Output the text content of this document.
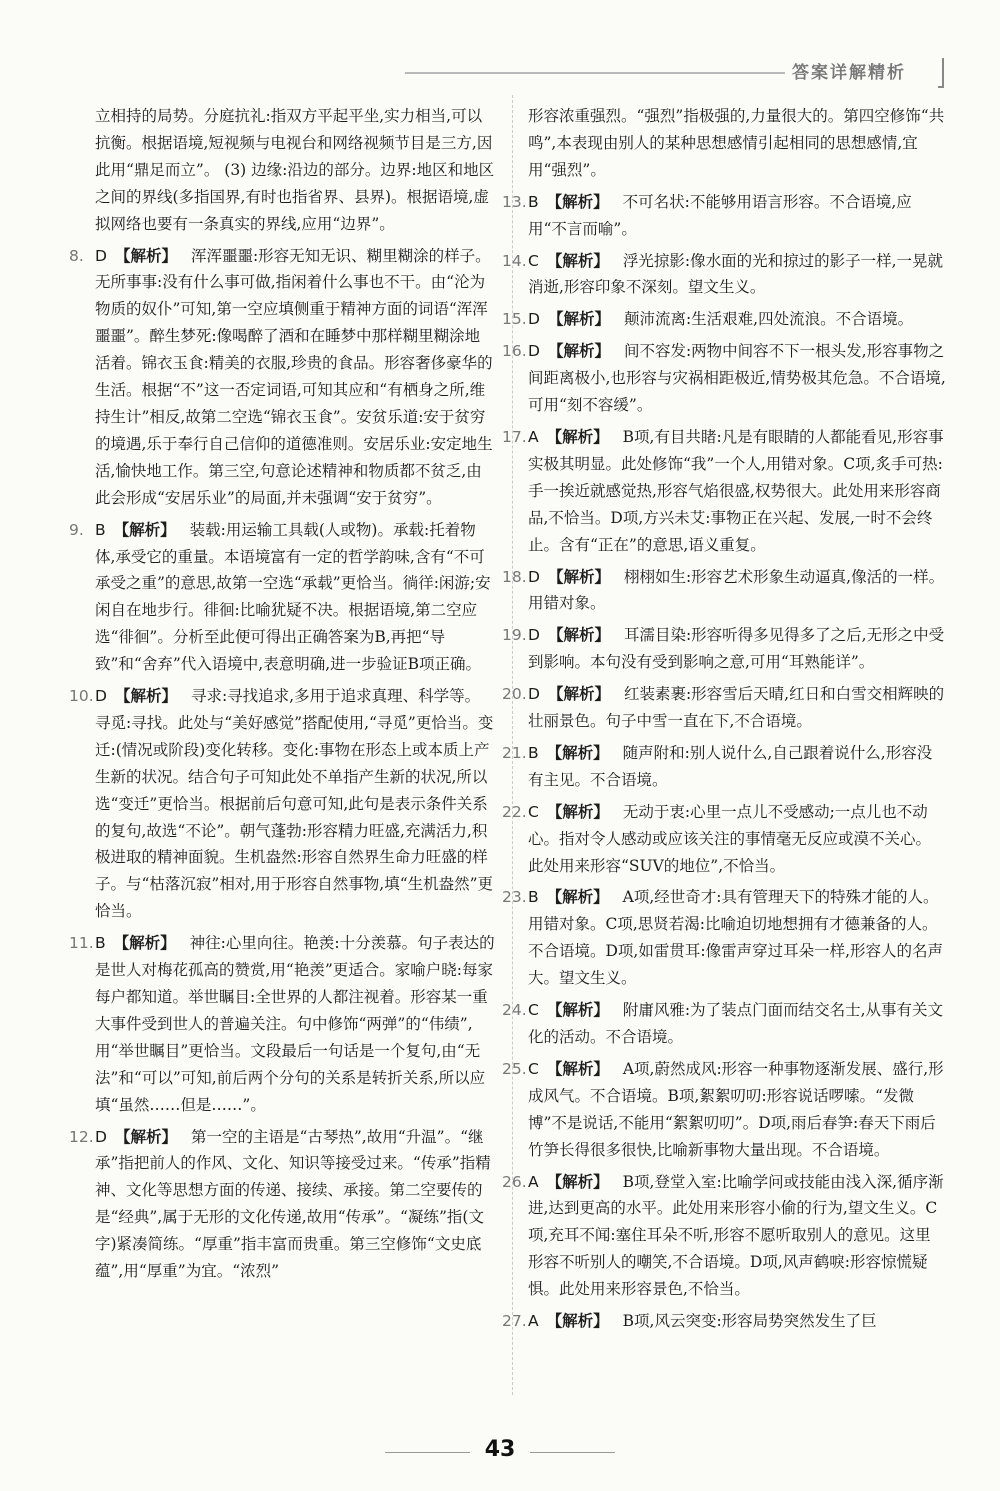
答案详解精析

立相持的局势。分庭抗礼:指双方平起平坐,实力相当,可以抗衡。根据语境,短视频与电视台和网络视频节目是三方,因此用“鼎足而立”。 (3) 边缘:沿边的部分。边界:地区和地区之间的界线(多指国界,有时也指省界、县界)。根据语境,虚拟网络也要有一条真实的界线,应用“边界”。

8. D 【解析】 浑浑噩噩:形容无知无识、糊里糊涂的样子。无所事事:没有什么事可做,指闲着什么事也不干。由“沦为物质的奴仆”可知,第一空应填侧重于精神方面的词语“浑浑噩噩”。醉生梦死:像喝醉了酒和在睡梦中那样糊里糊涂地活着。锦衣玉食:精美的衣服,珍贵的食品。形容奢侈豪华的生活。根据“不”这一否定词语,可知其应和“有栖身之所,维持生计”相反,故第二空选“锦衣玉食”。安贫乐道:安于贫穷的境遇,乐于奉行自己信仰的道德准则。安居乐业:安定地生活,愉快地工作。第三空,句意论述精神和物质都不贫乏,由此会形成“安居乐业”的局面,并未强调“安于贫穷”。

9. B 【解析】 装载:用运输工具载(人或物)。承载:托着物体,承受它的重量。本语境富有一定的哲学韵味,含有“不可承受之重”的意思,故第一空选“承载”更恰当。徜徉:闲游;安闲自在地步行。徘徊:比喻犹疑不决。根据语境,第二空应选“徘徊”。分析至此便可得出正确答案为B,再把“导致”和“舍弃”代入语境中,表意明确,进一步验证B项正确。

10.D 【解析】 寻求:寻找追求,多用于追求真理、科学等。寻觅:寻找。此处与“美好感觉”搭配使用,“寻觅”更恰当。变迁:(情况或阶段)变化转移。变化:事物在形态上或本质上产生新的状况。结合句子可知此处不单指产生新的状况,所以选“变迁”更恰当。根据前后句意可知,此句是表示条件关系的复句,故选“不论”。朝气蓬勃:形容精力旺盛,充满活力,积极进取的精神面貌。生机盎然:形容自然界生命力旺盛的样子。与“枯落沉寂”相对,用于形容自然事物,填“生机盎然”更恰当。

11.B 【解析】 神往:心里向往。艳羡:十分羡慕。句子表达的是世人对梅花孤高的赞赏,用“艳羡”更适合。家喻户晓:每家每户都知道。举世瞩目:全世界的人都注视着。形容某一重大事件受到世人的普遍关注。句中修饰“两弹”的“伟绩”,用“举世瞩目”更恰当。文段最后一句话是一个复句,由“无法”和“可以”可知,前后两个分句的关系是转折关系,所以应填“虽然……但是……”。

12.D 【解析】 第一空的主语是“古琴热”,故用“升温”。“继承”指把前人的作风、文化、知识等接受过来。“传承”指精神、文化等思想方面的传递、接续、承接。第二空要传的是“经典”,属于无形的文化传递,故用“传承”。“凝练”指(文字)紧凑简练。“厚重”指丰富而贵重。第三空修饰“文史底蕴”,用“厚重”为宜。“浓烈”

形容浓重强烈。“强烈”指极强的,力量很大的。第四空修饰“共鸣”,本表现由别人的某种思想感情引起相同的思想感情,宜用“强烈”。

13.B 【解析】 不可名状:不能够用语言形容。不合语境,应用“不言而喻”。

14.C 【解析】 浮光掠影:像水面的光和掠过的影子一样,一晃就消逝,形容印象不深刻。望文生义。

15.D 【解析】 颠沛流离:生活艰难,四处流浪。不合语境。

16.D 【解析】 间不容发:两物中间容不下一根头发,形容事物之间距离极小,也形容与灾祸相距极近,情势极其危急。不合语境,可用“刻不容缓”。

17.A 【解析】 B项,有目共睹:凡是有眼睛的人都能看见,形容事实极其明显。此处修饰“我”一个人,用错对象。C项,炙手可热:手一挨近就感觉热,形容气焰很盛,权势很大。此处用来形容商品,不恰当。D项,方兴未艾:事物正在兴起、发展,一时不会终止。含有“正在”的意思,语义重复。

18.D 【解析】 栩栩如生:形容艺术形象生动逼真,像活的一样。用错对象。

19.D 【解析】 耳濡目染:形容听得多见得多了之后,无形之中受到影响。本句没有受到影响之意,可用“耳熟能详”。

20.D 【解析】 红装素裹:形容雪后天晴,红日和白雪交相辉映的壮丽景色。句子中雪一直在下,不合语境。

21.B 【解析】 随声附和:别人说什么,自己跟着说什么,形容没有主见。不合语境。

22.C 【解析】 无动于衷:心里一点儿不受感动;一点儿也不动心。指对令人感动或应该关注的事情毫无反应或漠不关心。此处用来形容“SUV的地位”,不恰当。

23.B 【解析】 A项,经世奇才:具有管理天下的特殊才能的人。用错对象。C项,思贤若渴:比喻迫切地想拥有才德兼备的人。不合语境。D项,如雷贯耳:像雷声穿过耳朵一样,形容人的名声大。望文生义。

24.C 【解析】 附庸风雅:为了装点门面而结交名士,从事有关文化的活动。不合语境。

25.C 【解析】 A项,蔚然成风:形容一种事物逐渐发展、盛行,形成风气。不合语境。B项,絮絮叨叨:形容说话啰嗦。“发微博”不是说话,不能用“絮絮叨叨”。D项,雨后春笋:春天下雨后竹笋长得很多很快,比喻新事物大量出现。不合语境。

26.A 【解析】 B项,登堂入室:比喻学问或技能由浅入深,循序渐进,达到更高的水平。此处用来形容小偷的行为,望文生义。C项,充耳不闻:塞住耳朵不听,形容不愿听取别人的意见。这里形容不听别人的嘲笑,不合语境。D项,风声鹤唳:形容惊慌疑惧。此处用来形容景色,不恰当。

27.A 【解析】 B项,风云突变:形容局势突然发生了巨

43
